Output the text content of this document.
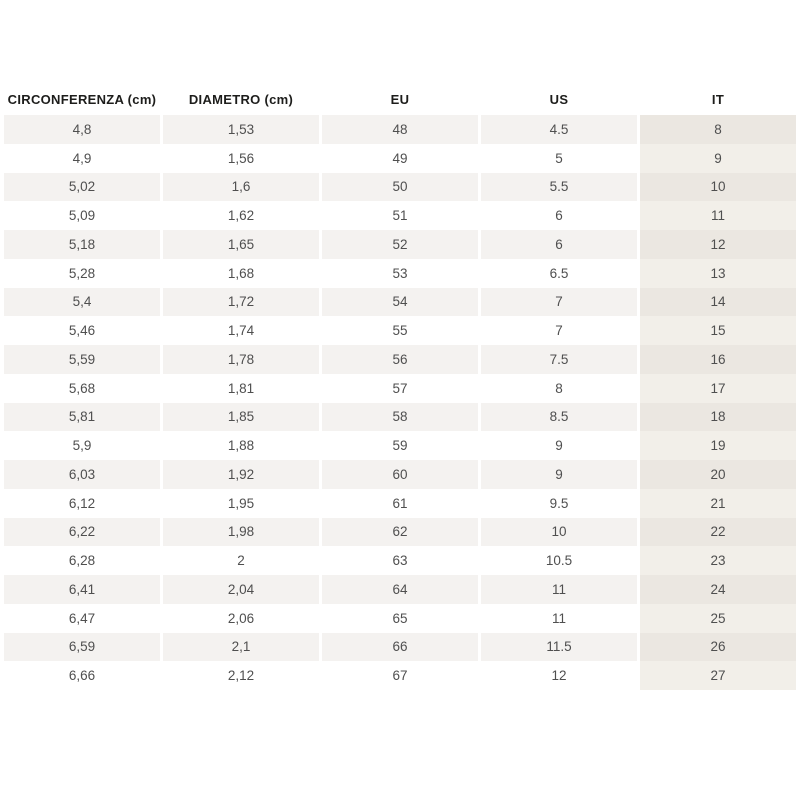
CIRCONFERENZA (cm)	DIAMETRO (cm)	EU	US	IT
4,8	1,53	48	4.5	8
4,9	1,56	49	5	9
5,02	1,6	50	5.5	10
5,09	1,62	51	6	11
5,18	1,65	52	6	12
5,28	1,68	53	6.5	13
5,4	1,72	54	7	14
5,46	1,74	55	7	15
5,59	1,78	56	7.5	16
5,68	1,81	57	8	17
5,81	1,85	58	8.5	18
5,9	1,88	59	9	19
6,03	1,92	60	9	20
6,12	1,95	61	9.5	21
6,22	1,98	62	10	22
6,28	2	63	10.5	23
6,41	2,04	64	11	24
6,47	2,06	65	11	25
6,59	2,1	66	11.5	26
6,66	2,12	67	12	27
